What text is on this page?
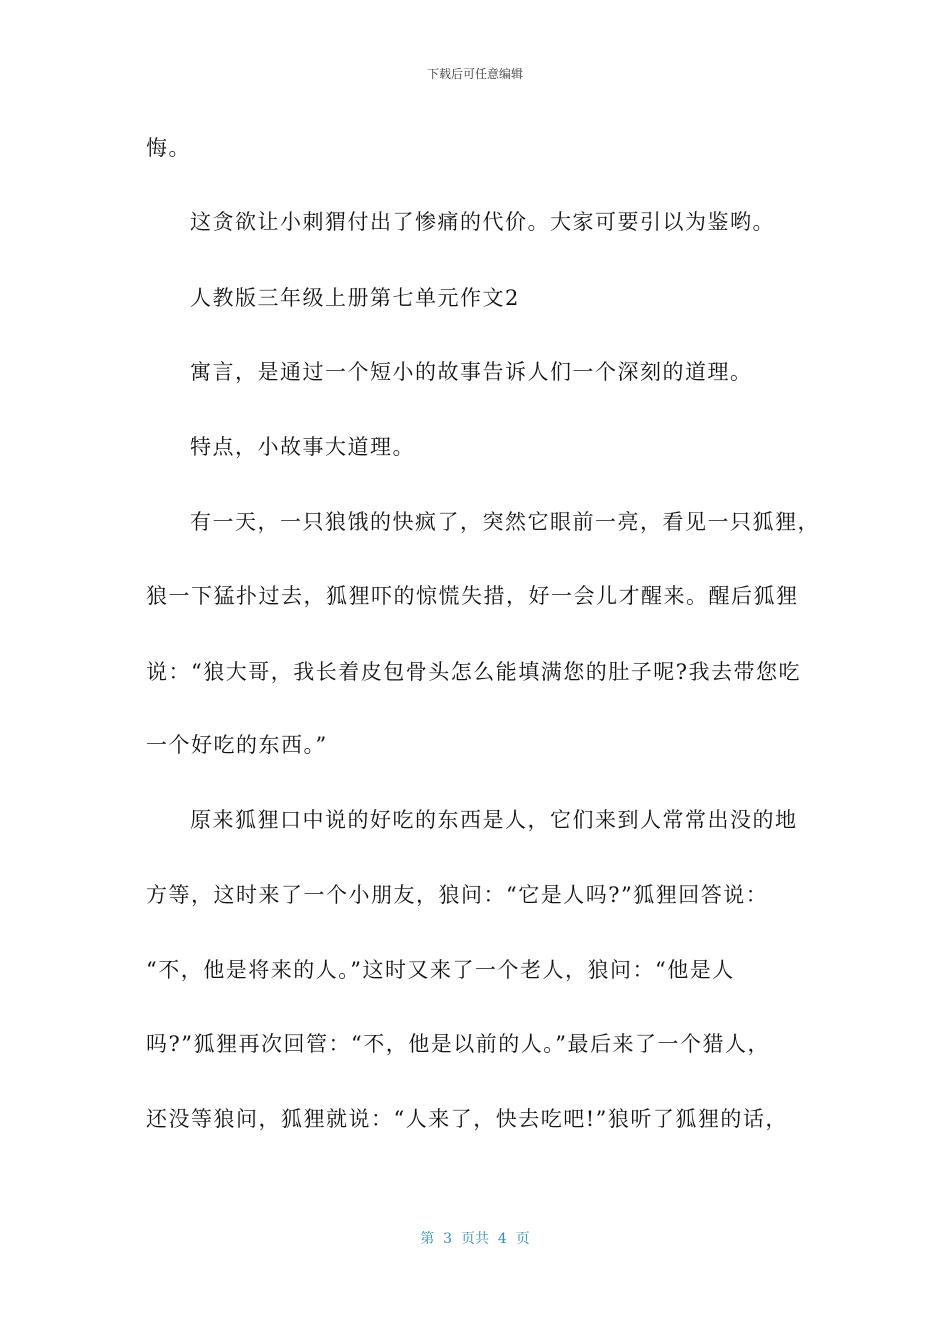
下载后可任意编辑
悔。
这贪欲让小刺猬付出了惨痛的代价。大家可要引以为鉴哟。
人教版三年级上册第七单元作文2
寓言，是通过一个短小的故事告诉人们一个深刻的道理。
特点，小故事大道理。
有一天，一只狼饿的快疯了，突然它眼前一亮，看见一只狐狸，
狼一下猛扑过去，狐狸吓的惊慌失措，好一会儿才醒来。醒后狐狸
说：“狼大哥，我长着皮包骨头怎么能填满您的肚子呢?我去带您吃
一个好吃的东西。”
原来狐狸口中说的好吃的东西是人，它们来到人常常出没的地
方等，这时来了一个小朋友，狼问：“它是人吗?”狐狸回答说：
“不，他是将来的人。”这时又来了一个老人，狼问：“他是人
吗?”狐狸再次回管：“不，他是以前的人。”最后来了一个猎人，
还没等狼问，狐狸就说：“人来了，快去吃吧!”狼听了狐狸的话，
第  3  页共  4  页
